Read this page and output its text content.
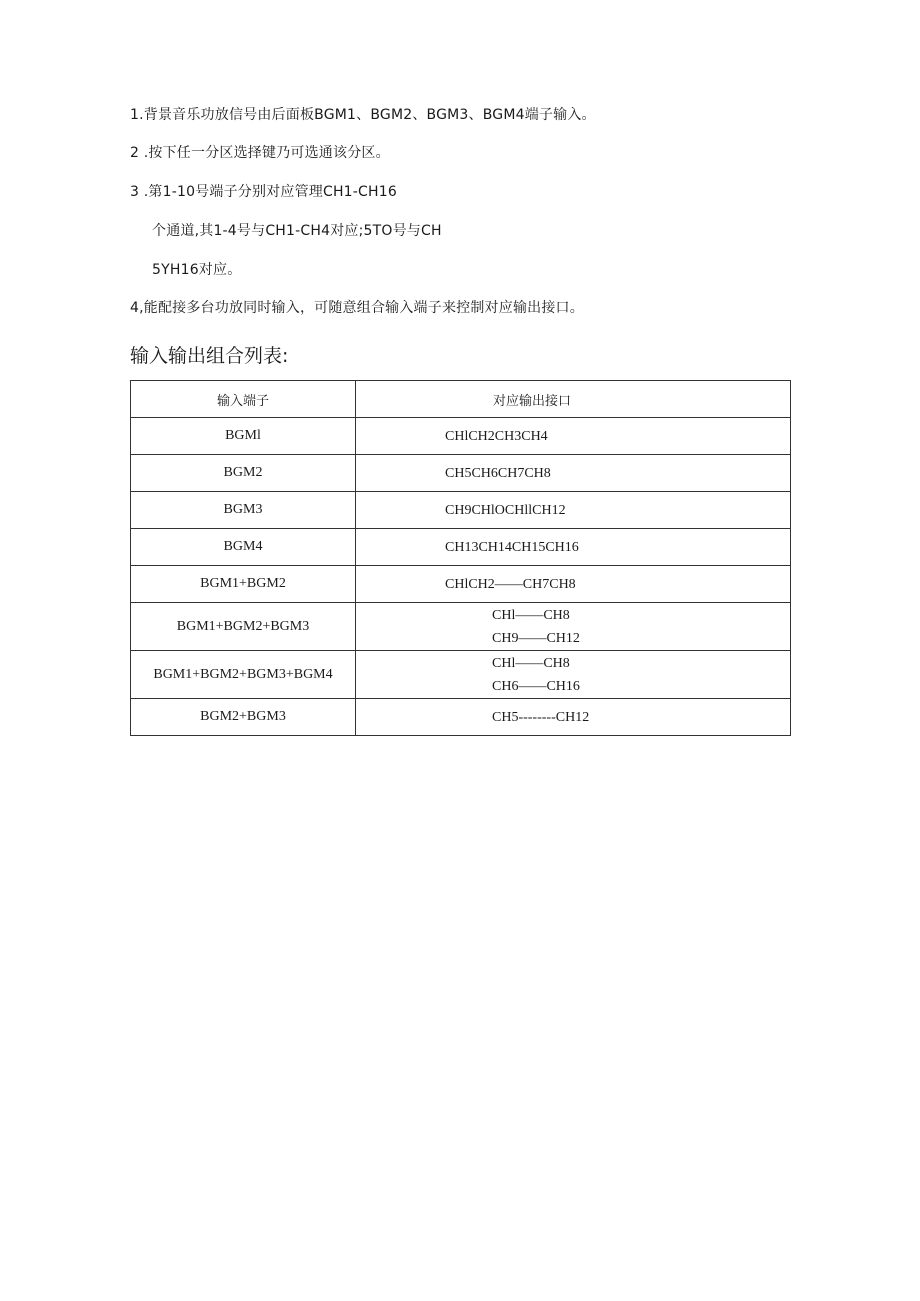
1.背景音乐功放信号由后面板BGM1、BGM2、BGM3、BGM4端子输入。

2 .按下任一分区选择键乃可选通该分区。

3 .第1-10号端子分别对应管理CH1-CH16

个通道,其1-4号与CH1-CH4对应;5TO号与CH

5YH16对应。

4,能配接多台功放同时输入，可随意组合输入端子来控制对应输出接口。

输入输出组合列表:
输入端子	对应输出接口
BGMl	CHlCH2CH3CH4

BGM2	CH5CH6CH7CH8

BGM3	CH9CHlOCHllCH12

BGM4	CH13CH14CH15CH16

BGM1+BGM2	CHlCH2——CH7CH8

BGM1+BGM2+BGM3	CHl——CH8
CH9——CH12

BGM1+BGM2+BGM3+BGM4	CHl——CH8
CH6——CH16

BGM2+BGM3	CH5--------CH12
